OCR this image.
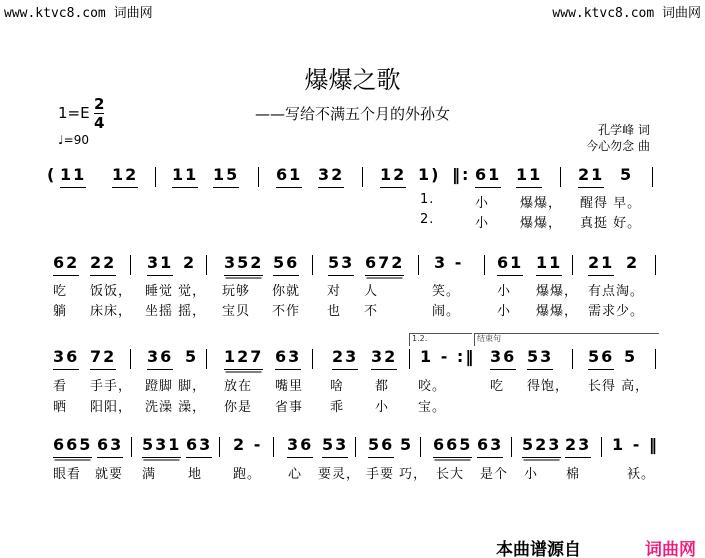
www.ktvc8.com 词曲网	www.ktvc8.com 词曲网
爆爆之歌
——写给不满五个月的外孙女
1=E 2
4
♩=90
孔学峰 词
今心勿念 曲
1.2.	结束句
( 11 12 11 15 61 32 12 1) ‖: 61 11 21 5
1.	小 爆爆， 醒得 早。
2.	小 爆爆， 真挺 好。
62 22 31 2 352 56 53 672 3 - 61 11 21 2
吃 饭饭， 睡觉 觉， 玩够 你就 对 人	笑。	小 爆爆， 有点淘。
躺 床床， 坐摇 摇， 宝贝 不作 也 不	闹。	小 爆爆， 需求少。
36 72 36 5 127 63 23 32 1 - :‖ 36 53 56 5
看 手手， 蹬脚 脚， 放在 嘴里 啥 都 咬。	吃 得饱， 长得 高，
晒 阳阳， 洗澡 澡， 你是 省事 乖 小 宝。
665 63 531 63 2 - 36 53 56 5 665 63 523 23 1 - ‖
眼看 就要 满 地 跑。 心 要灵， 手要 巧， 长大 是个 小 棉	袄。
本曲谱源自	词曲网
